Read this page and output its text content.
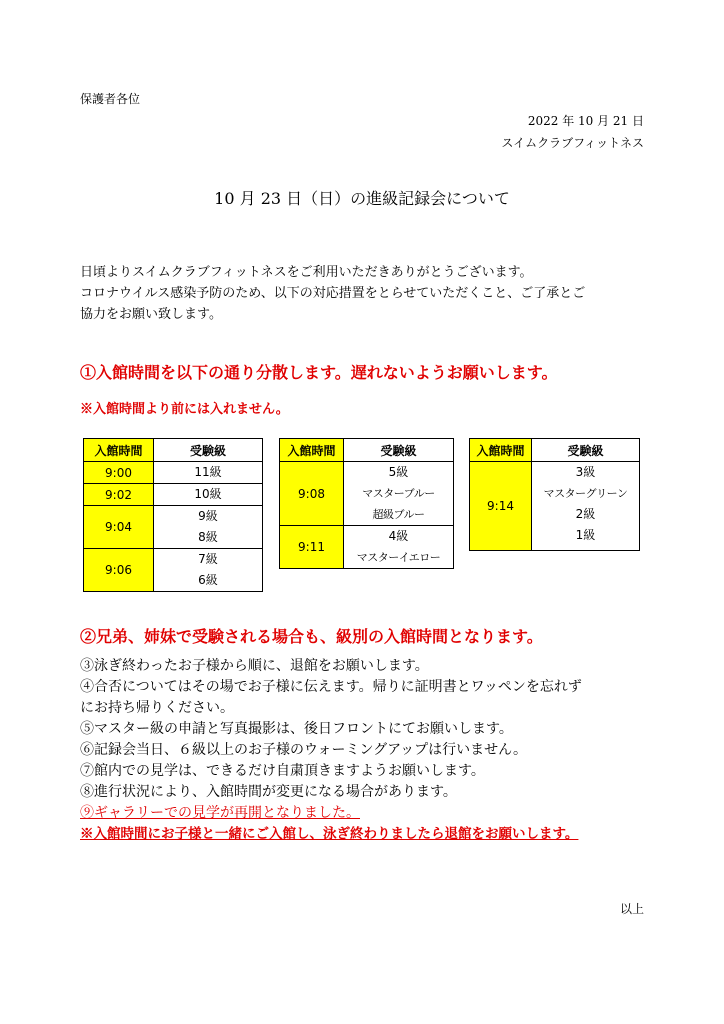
保護者各位
2022 年 10 月 21 日
スイムクラブフィットネス
10 月 23 日（日）の進級記録会について
日頃よりスイムクラブフィットネスをご利用いただきありがとうございます。
コロナウイルス感染予防のため、以下の対応措置をとらせていただくこと、ご了承とご
協力をお願い致します。
①入館時間を以下の通り分散します。遅れないようお願いします。
※入館時間より前には入れません。
入館時間	受験級
9:00	11級

9:02	10級

9:04	9級
8級

9:06	7級
6級
入館時間	受験級
9:08	5級
マスターブルー
超級ブルー

9:11	4級
マスターイエロー
入館時間	受験級
9:14	3級
マスターグリーン
2級
1級
②兄弟、姉妹で受験される場合も、級別の入館時間となります。
③泳ぎ終わったお子様から順に、退館をお願いします。
④合否についてはその場でお子様に伝えます。帰りに証明書とワッペンを忘れず
にお持ち帰りください。
⑤マスター級の申請と写真撮影は、後日フロントにてお願いします。
⑥記録会当日、６級以上のお子様のウォーミングアップは行いません。
⑦館内での見学は、できるだけ自粛頂きますようお願いします。
⑧進行状況により、入館時間が変更になる場合があります。
⑨ギャラリーでの見学が再開となりました。
※入館時間にお子様と一緒にご入館し、泳ぎ終わりましたら退館をお願いします。
以上
